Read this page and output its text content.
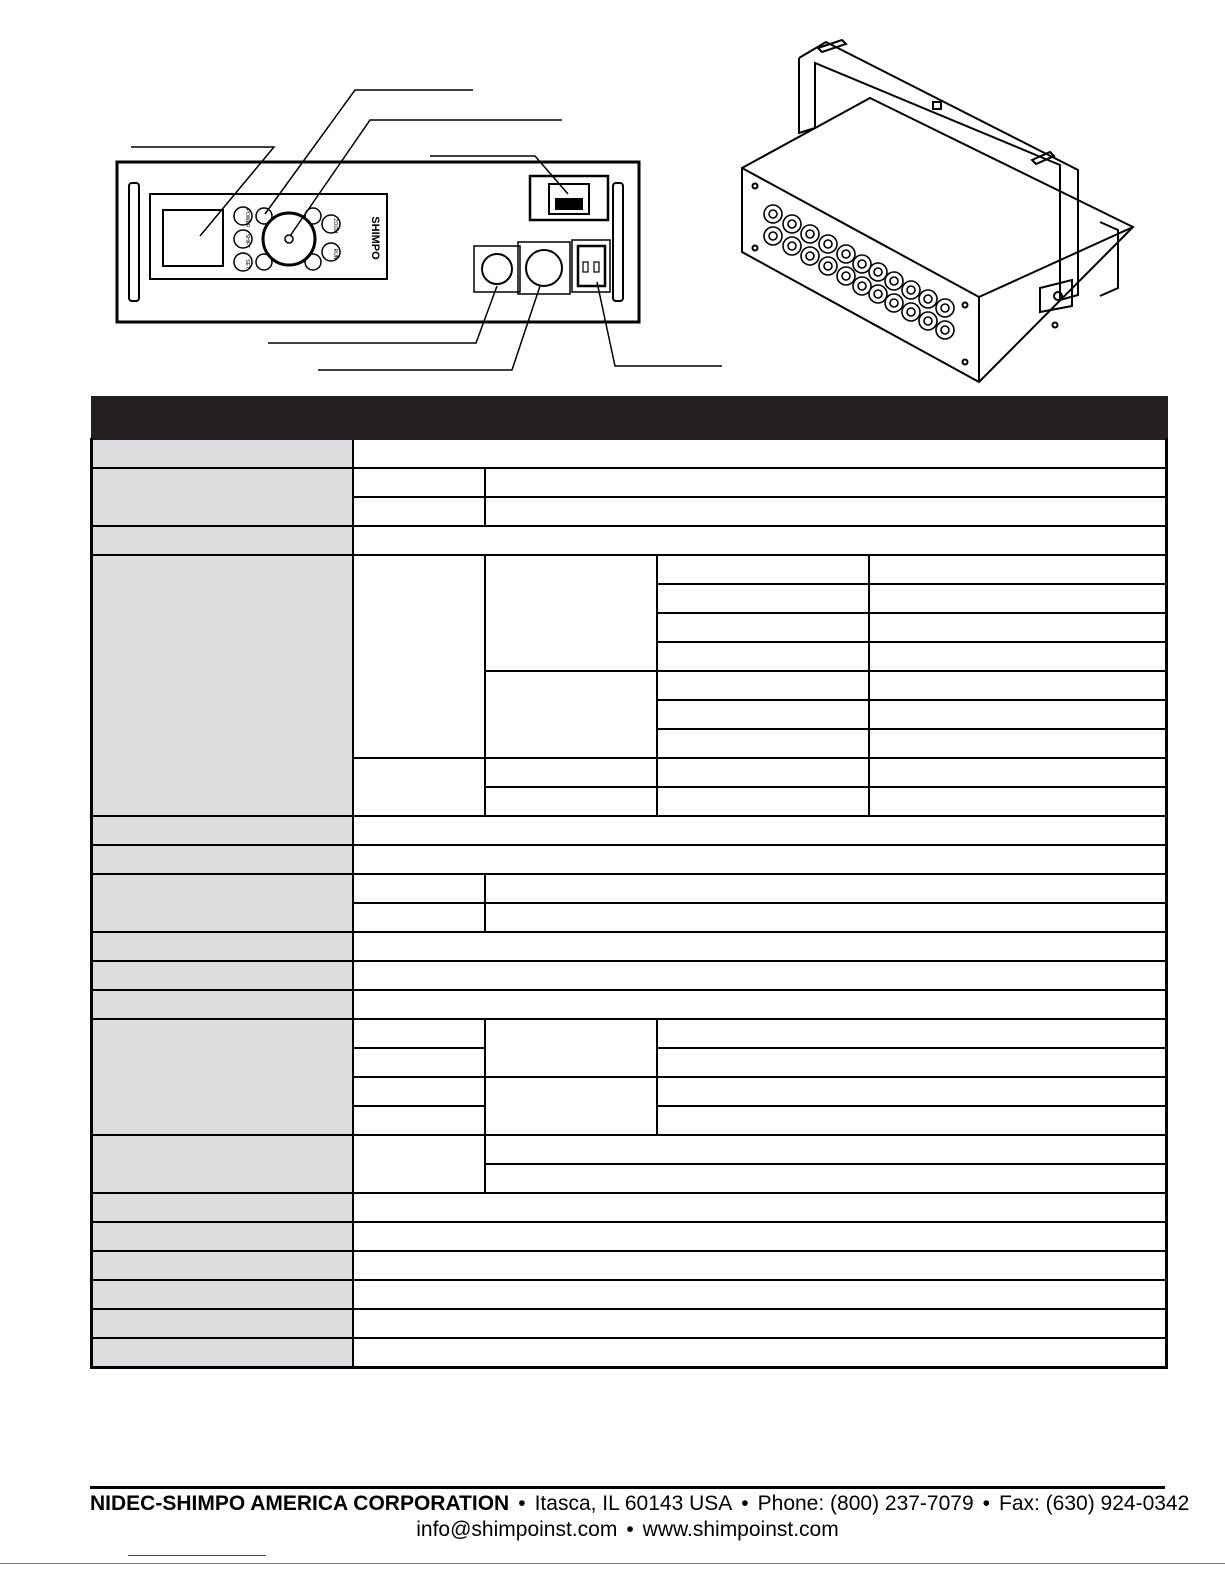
SHIMPO
POWER
SHIFT
ZOOM
SET
RUN

NIDEC-SHIMPO AMERICA CORPORATION • Itasca, IL 60143 USA • Phone: (800) 237-7079 • Fax: (630) 924-0342
info@shimpoinst.com • www.shimpoinst.com
